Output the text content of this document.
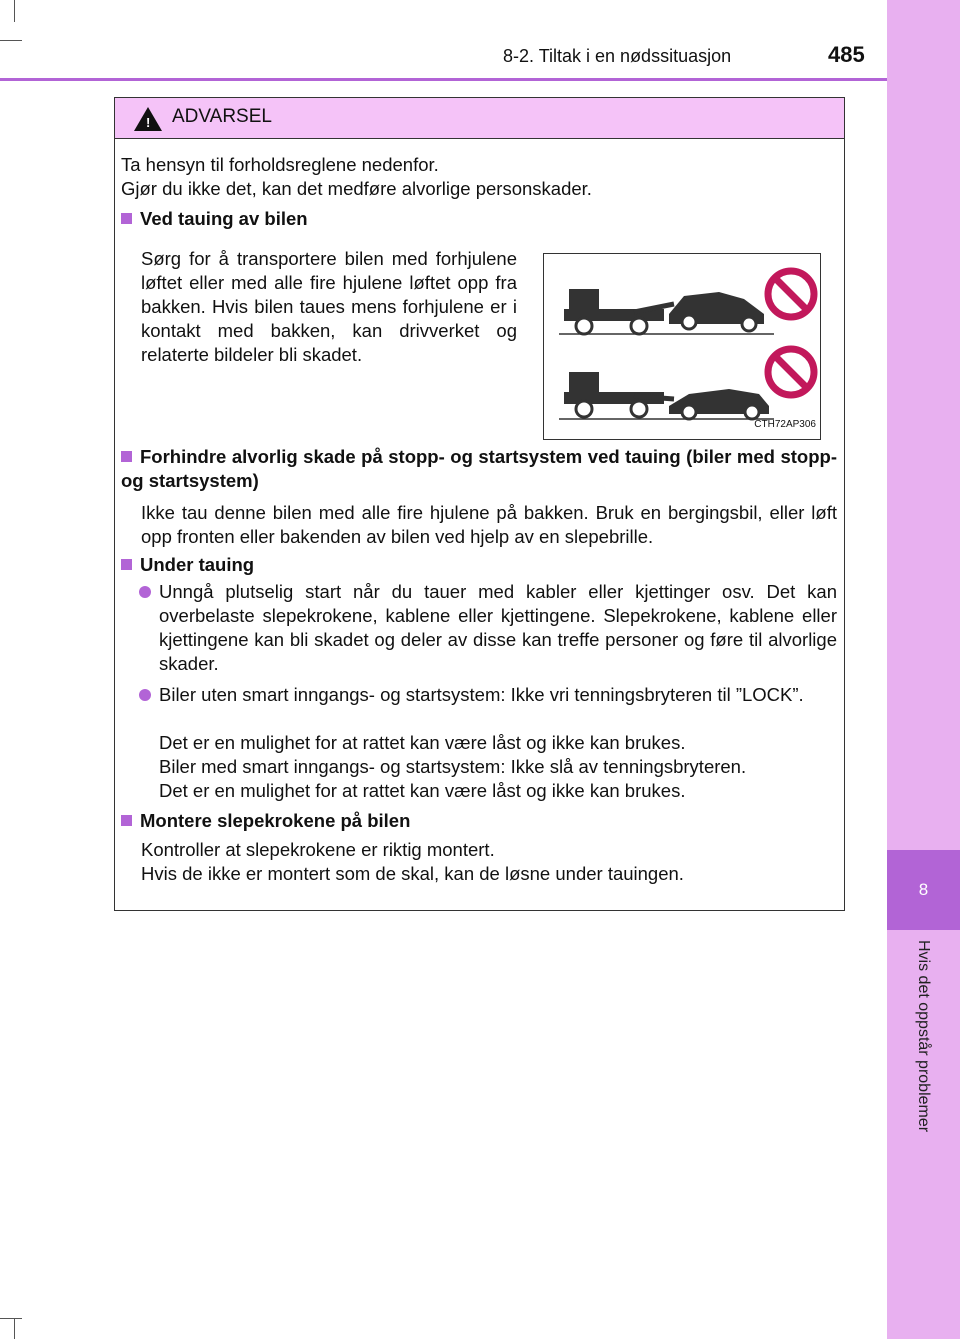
8
Hvis det oppstår problemer
8-2. Tiltak i en nødssituasjon	485
! ADVARSEL
Ta hensyn til forholdsreglene nedenfor.
Gjør du ikke det, kan det medføre alvorlige personskader.
Ved tauing av bilen
Sørg for å transportere bilen med forhjulene løftet eller med alle fire hjulene løftet opp fra bakken. Hvis bilen taues mens forhjulene er i kontakt med bakken, kan drivverket og relaterte bildeler bli skadet.
CTH72AP306
Forhindre alvorlig skade på stopp- og startsystem ved tauing (biler med stopp- og startsystem)
Ikke tau denne bilen med alle fire hjulene på bakken. Bruk en bergingsbil, eller løft opp fronten eller bakenden av bilen ved hjelp av en slepebrille.
Under tauing
Unngå plutselig start når du tauer med kabler eller kjettinger osv. Det kan overbelaste slepekrokene, kablene eller kjettingene. Slepekrokene, kablene eller kjettingene kan bli skadet og deler av disse kan treffe personer og føre til alvorlige skader.
Biler uten smart inngangs- og startsystem: Ikke vri tenningsbryteren til ”LOCK”.
Det er en mulighet for at rattet kan være låst og ikke kan brukes.
Biler med smart inngangs- og startsystem: Ikke slå av tenningsbryteren.
Det er en mulighet for at rattet kan være låst og ikke kan brukes.
Montere slepekrokene på bilen
Kontroller at slepekrokene er riktig montert.
Hvis de ikke er montert som de skal, kan de løsne under tauingen.
